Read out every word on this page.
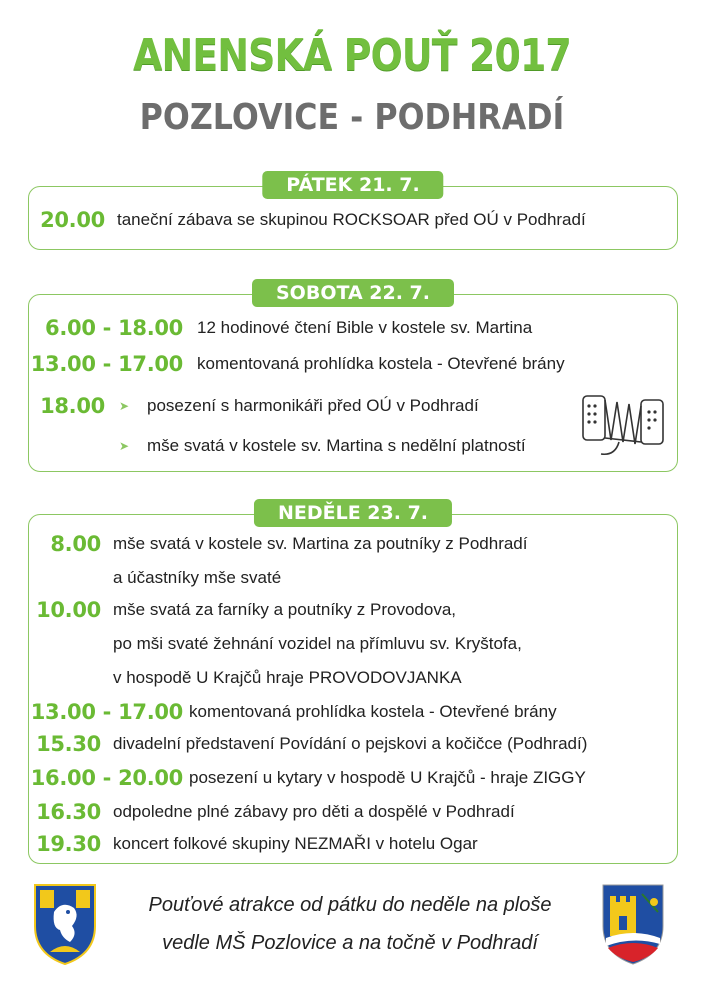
ANENSKÁ POUŤ 2017
POZLOVICE - PODHRADÍ
PÁTEK 21. 7.
20.00 taneční zábava se skupinou ROCKSOAR před OÚ v Podhradí
SOBOTA 22. 7.
6.00 - 18.00 12 hodinové čtení Bible v kostele sv. Martina
13.00 - 17.00 komentovaná prohlídka kostela - Otevřené brány
18.00 ➤ posezení s harmonikáři před OÚ v Podhradí
➤ mše svatá v kostele sv. Martina s nedělní platností
NEDĚLE 23. 7.
8.00 mše svatá v kostele sv. Martina za poutníky z Podhradí
a účastníky mše svaté
10.00 mše svatá za farníky a poutníky z Provodova,
po mši svaté žehnání vozidel na přímluvu sv. Kryštofa,
v hospodě U Krajčů hraje PROVODOVJANKA
13.00 - 17.00 komentovaná prohlídka kostela - Otevřené brány
15.30 divadelní představení Povídání o pejskovi a kočičce (Podhradí)
16.00 - 20.00 posezení u kytary v hospodě U Krajčů - hraje ZIGGY
16.30 odpoledne plné zábavy pro děti a dospělé v Podhradí
19.30 koncert folkové skupiny NEZMAŘI v hotelu Ogar
Pouťové atrakce od pátku do neděle na ploše
vedle MŠ Pozlovice a na točně v Podhradí
